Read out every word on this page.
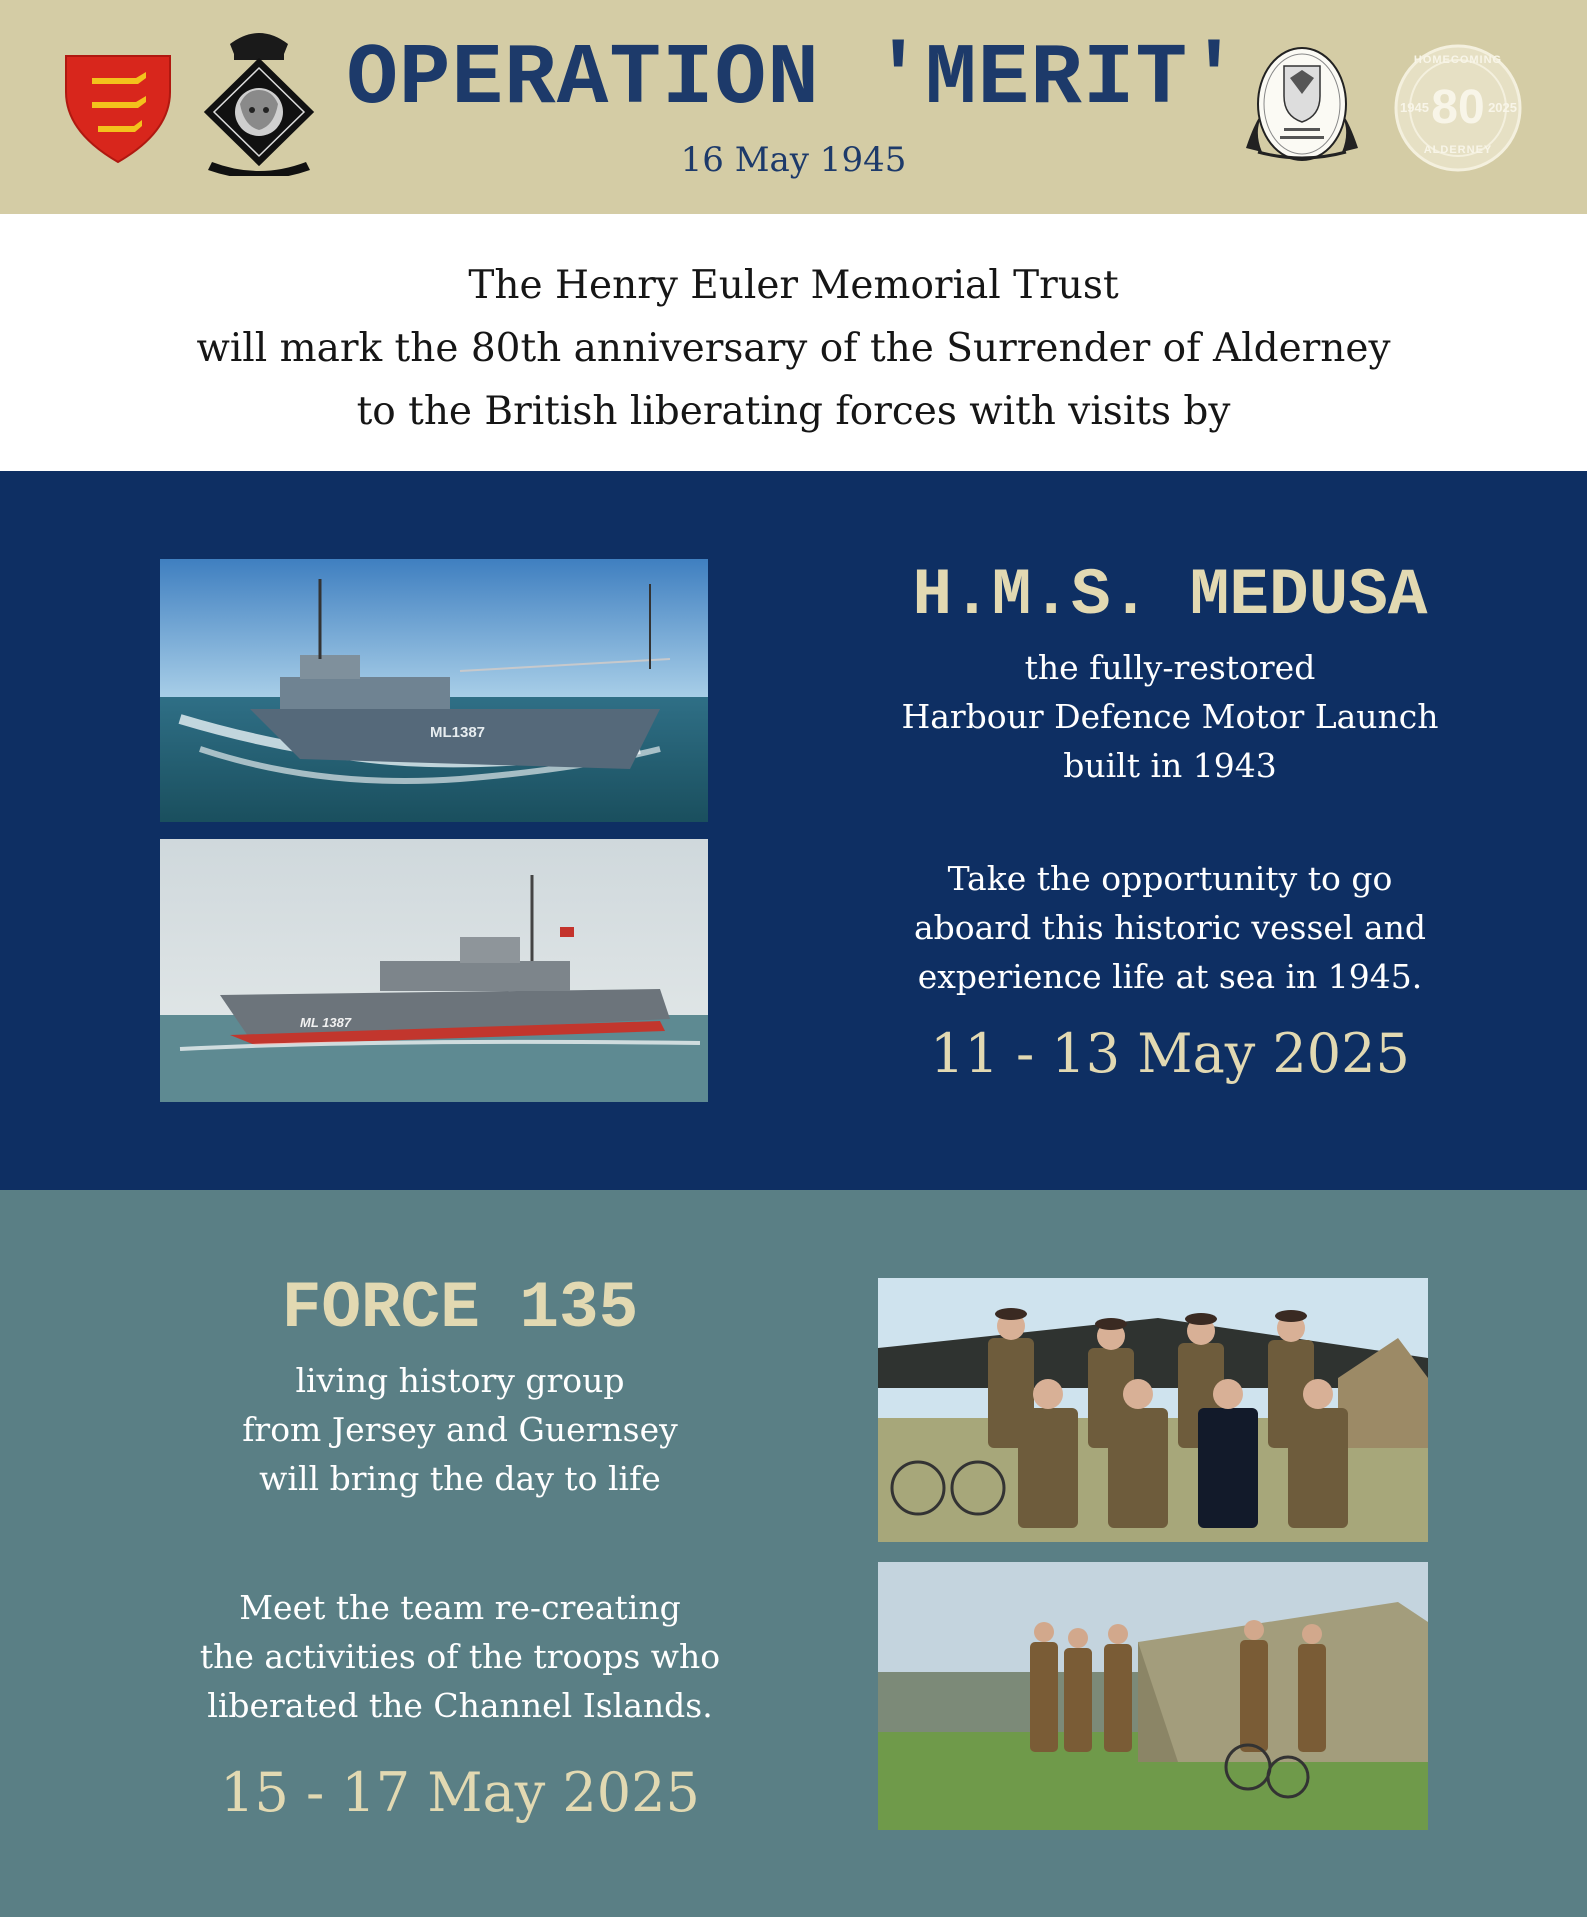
OPERATION 'MERIT'
16 May 1945
HOMECOMING
1945 80 2025
ALDERNEY

The Henry Euler Memorial Trust

will mark the 80th anniversary of the Surrender of Alderney

to the British liberating forces with visits by

ML1387
ML 1387
H.M.S. MEDUSA
the fully-restored
Harbour Defence Motor Launch
built in 1943
Take the opportunity to go
aboard this historic vessel and
experience life at sea in 1945.
11 - 13 May 2025
FORCE 135
living history group
from Jersey and Guernsey
will bring the day to life
Meet the team re-creating
the activities of the troops who
liberated the Channel Islands.
15 - 17 May 2025
